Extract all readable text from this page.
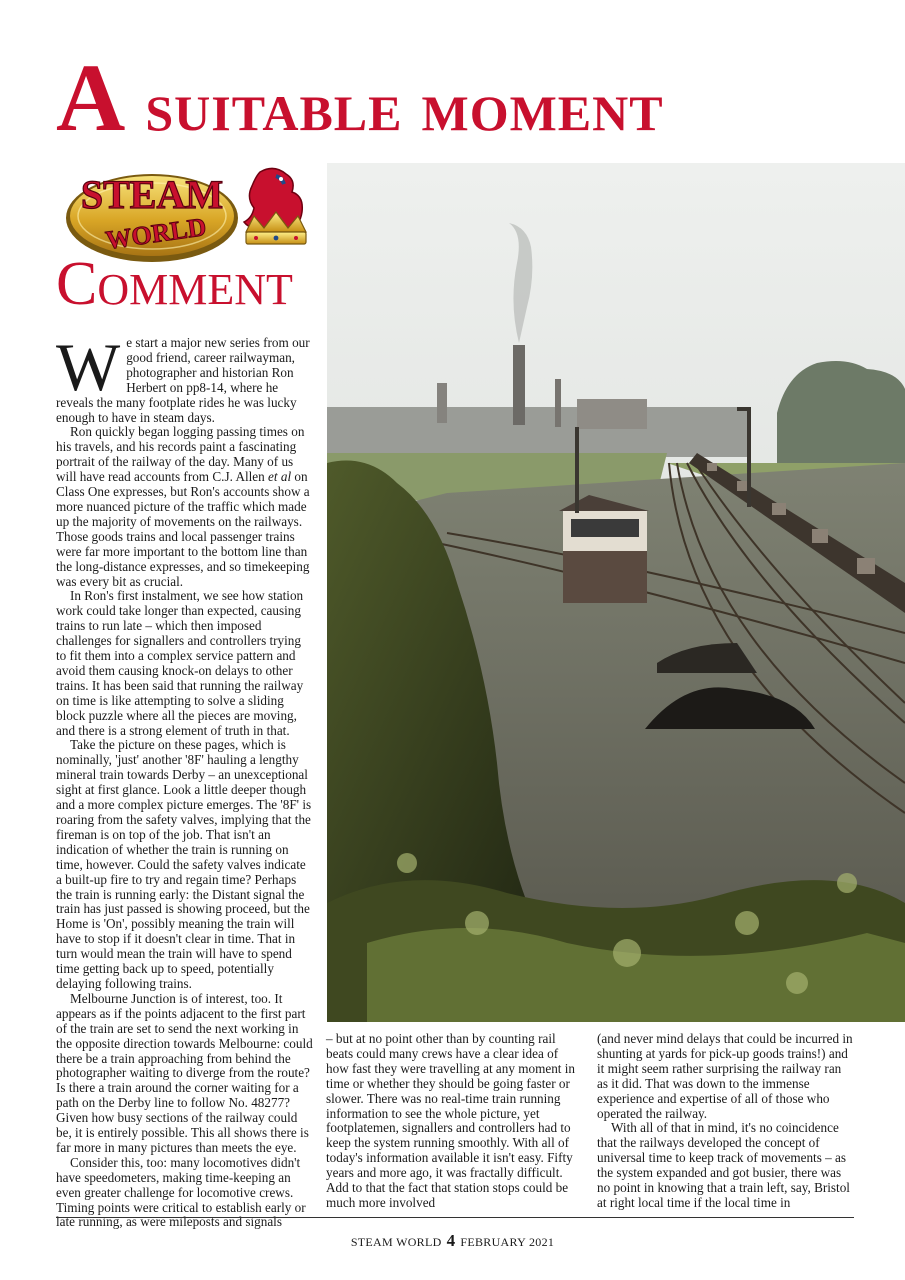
A suitable moment
STEAM
WORLD
COMMENT

We start a major new series from our good friend, career railwayman, photographer and historian Ron Herbert on pp8-14, where he reveals the many footplate rides he was lucky enough to have in steam days.

Ron quickly began logging passing times on his travels, and his records paint a fascinating portrait of the railway of the day. Many of us will have read accounts from C.J. Allen et al on Class One expresses, but Ron's accounts show a more nuanced picture of the traffic which made up the majority of movements on the railways. Those goods trains and local passenger trains were far more important to the bottom line than the long-distance expresses, and so timekeeping was every bit as crucial.

In Ron's first instalment, we see how station work could take longer than expected, causing trains to run late – which then imposed challenges for signallers and controllers trying to fit them into a complex service pattern and avoid them causing knock-on delays to other trains. It has been said that running the railway on time is like attempting to solve a sliding block puzzle where all the pieces are moving, and there is a strong element of truth in that.

Take the picture on these pages, which is nominally, 'just' another '8F' hauling a lengthy mineral train towards Derby – an unexceptional sight at first glance. Look a little deeper though and a more complex picture emerges. The '8F' is roaring from the safety valves, implying that the fireman is on top of the job. That isn't an indication of whether the train is running on time, however. Could the safety valves indicate a built-up fire to try and regain time? Perhaps the train is running early: the Distant signal the train has just passed is showing proceed, but the Home is 'On', possibly meaning the train will have to stop if it doesn't clear in time. That in turn would mean the train will have to spend time getting back up to speed, potentially delaying following trains.

Melbourne Junction is of interest, too. It appears as if the points adjacent to the first part of the train are set to send the next working in the opposite direction towards Melbourne: could there be a train approaching from behind the photographer waiting to diverge from the route? Is there a train around the corner waiting for a path on the Derby line to follow No. 48277? Given how busy sections of the railway could be, it is entirely possible. This all shows there is far more in many pictures than meets the eye.

Consider this, too: many locomotives didn't have speedometers, making time-keeping an even greater challenge for locomotive crews. Timing points were critical to establish early or late running, as were mileposts and signals

– but at no point other than by counting rail beats could many crews have a clear idea of how fast they were travelling at any moment in time or whether they should be going faster or slower. There was no real-time train running information to see the whole picture, yet footplatemen, signallers and controllers had to keep the system running smoothly. With all of today's information available it isn't easy. Fifty years and more ago, it was fractally difficult. Add to that the fact that station stops could be much more involved

(and never mind delays that could be incurred in shunting at yards for pick-up goods trains!) and it might seem rather surprising the railway ran as it did. That was down to the immense experience and expertise of all of those who operated the railway.

With all of that in mind, it's no coincidence that the railways developed the concept of universal time to keep track of movements – as the system expanded and got busier, there was no point in knowing that a train left, say, Bristol at right local time if the local time in

STEAM WORLD 4 FEBRUARY 2021
